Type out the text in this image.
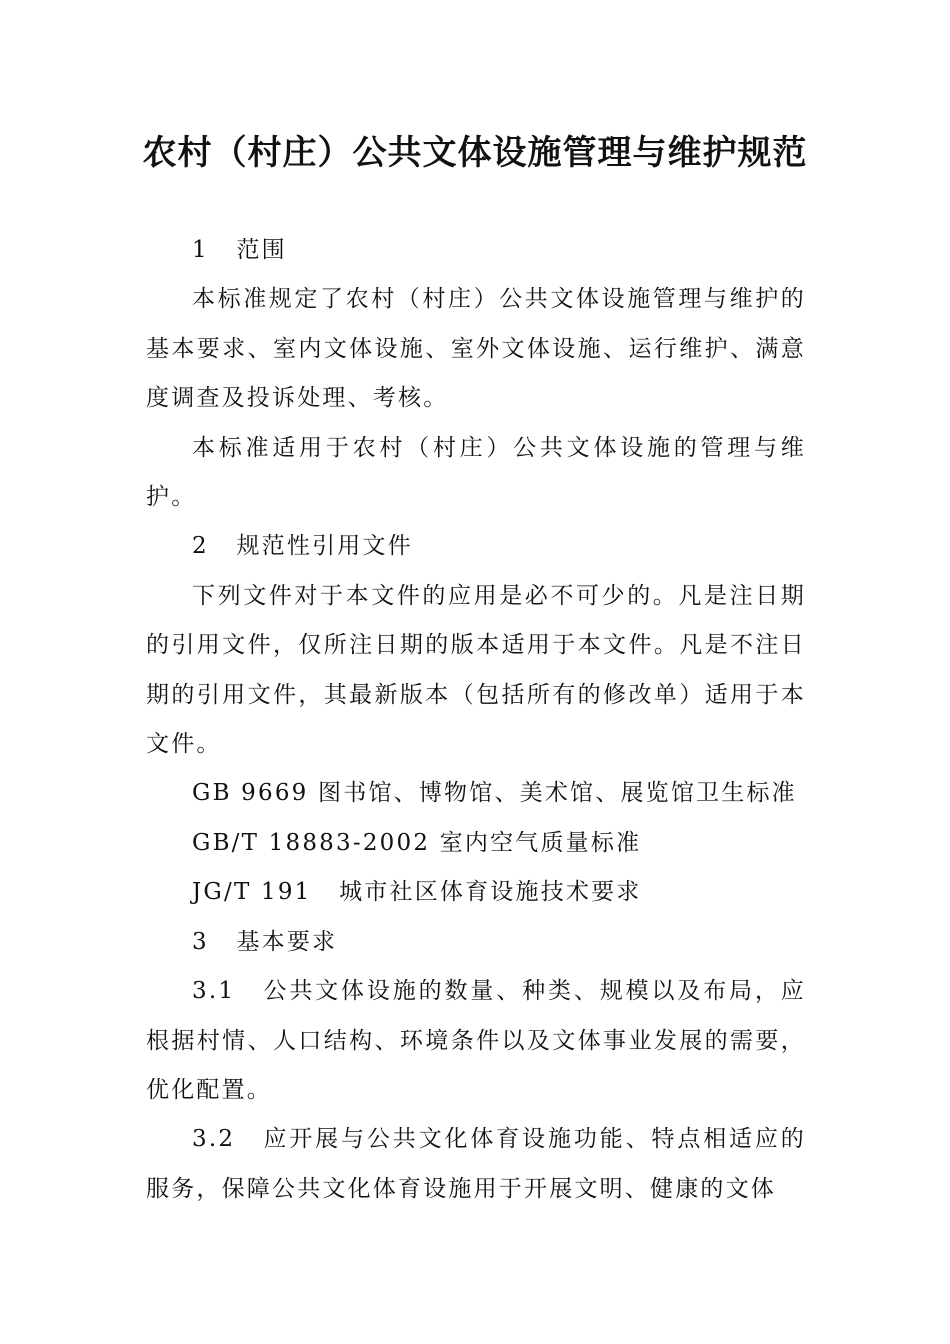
农村（村庄）公共文体设施管理与维护规范

1 范围

本标准规定了农村（村庄）公共文体设施管理与维护的基本要求、室内文体设施、室外文体设施、运行维护、满意度调查及投诉处理、考核。

本标准适用于农村（村庄）公共文体设施的管理与维护。

2 规范性引用文件

下列文件对于本文件的应用是必不可少的。凡是注日期的引用文件，仅所注日期的版本适用于本文件。凡是不注日期的引用文件，其最新版本（包括所有的修改单）适用于本文件。

GB 9669 图书馆、博物馆、美术馆、展览馆卫生标准

GB/T 18883-2002 室内空气质量标准

JG/T 191 城市社区体育设施技术要求

3 基本要求

3.1 公共文体设施的数量、种类、规模以及布局，应根据村情、人口结构、环境条件以及文体事业发展的需要，优化配置。

3.2 应开展与公共文化体育设施功能、特点相适应的服务，保障公共文化体育设施用于开展文明、健康的文体
